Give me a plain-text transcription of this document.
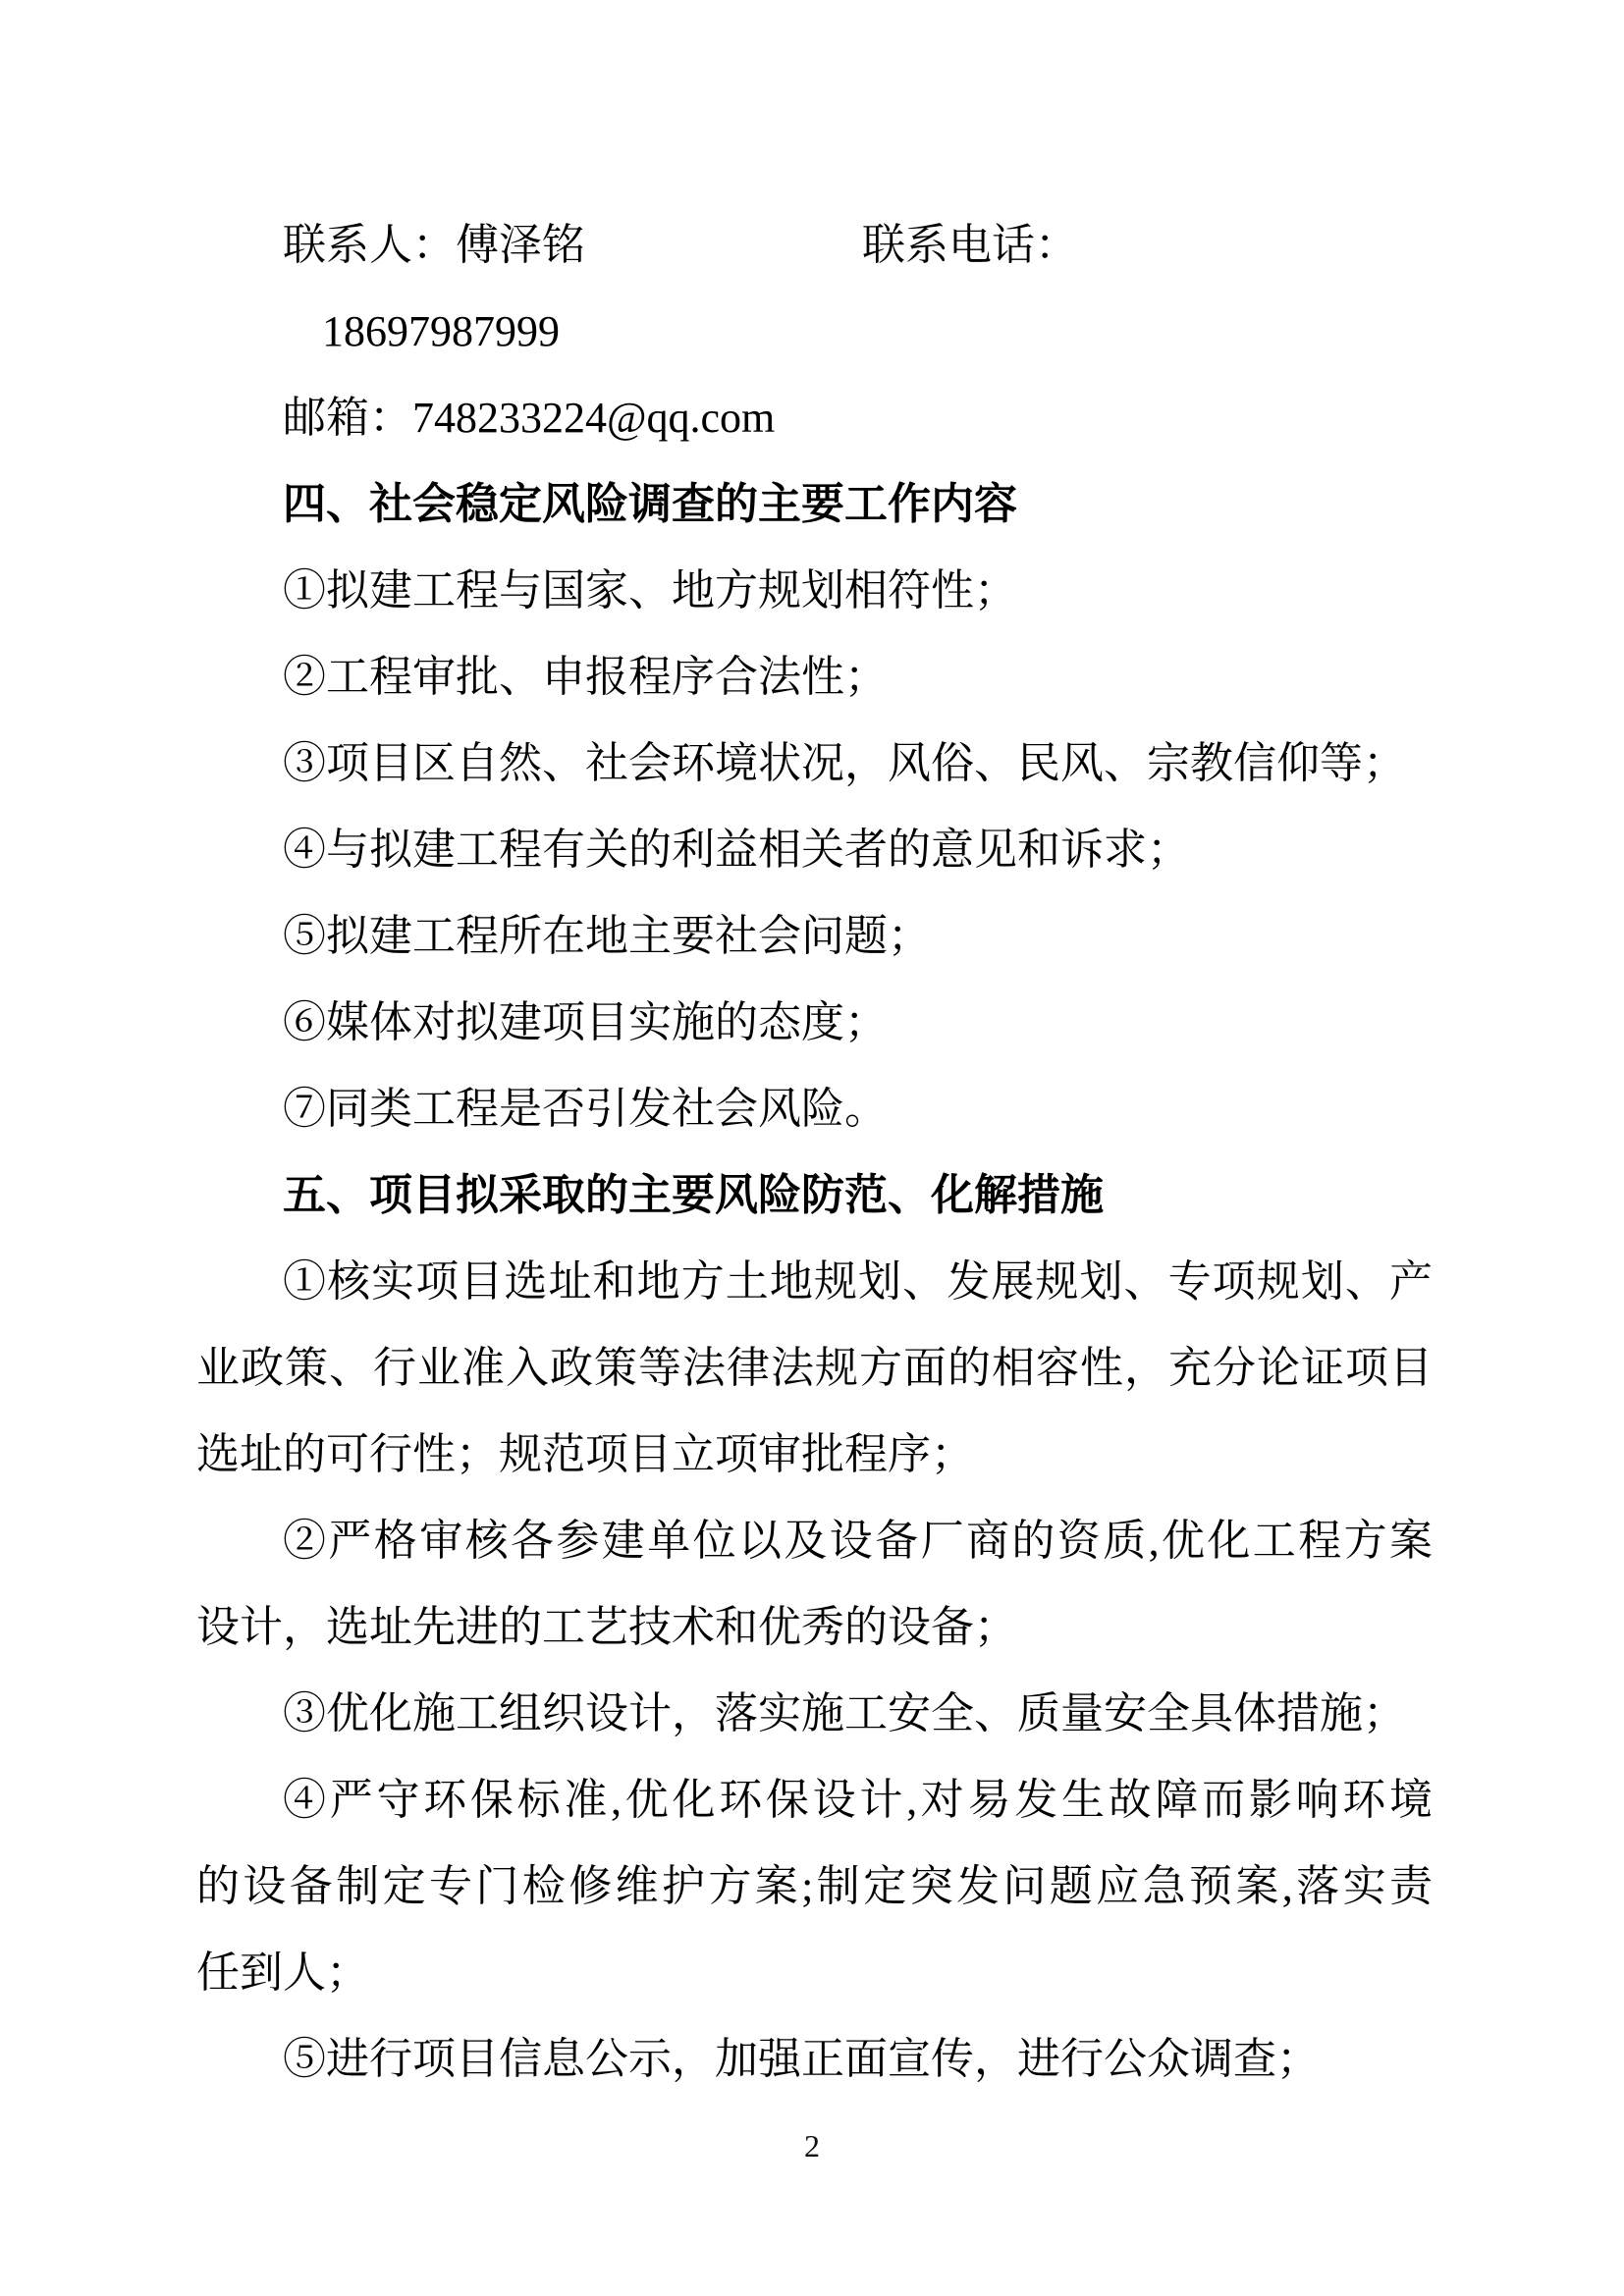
联系人：傅泽铭	联系电话：18697987999
邮箱：748233224@qq.com
四、社会稳定风险调查的主要工作内容
①拟建工程与国家、地方规划相符性；
②工程审批、申报程序合法性；
③项目区自然、社会环境状况，风俗、民风、宗教信仰等；
④与拟建工程有关的利益相关者的意见和诉求；
⑤拟建工程所在地主要社会问题；
⑥媒体对拟建项目实施的态度；
⑦同类工程是否引发社会风险。
五、项目拟采取的主要风险防范、化解措施
①核实项目选址和地方土地规划、发展规划、专项规划、产
业政策、行业准入政策等法律法规方面的相容性，充分论证项目
选址的可行性；规范项目立项审批程序；
②严格审核各参建单位以及设备厂商的资质,优化工程方案
设计，选址先进的工艺技术和优秀的设备；
③优化施工组织设计，落实施工安全、质量安全具体措施；
④严守环保标准,优化环保设计,对易发生故障而影响环境
的设备制定专门检修维护方案;制定突发问题应急预案,落实责
任到人；
⑤进行项目信息公示，加强正面宣传，进行公众调查；
2
